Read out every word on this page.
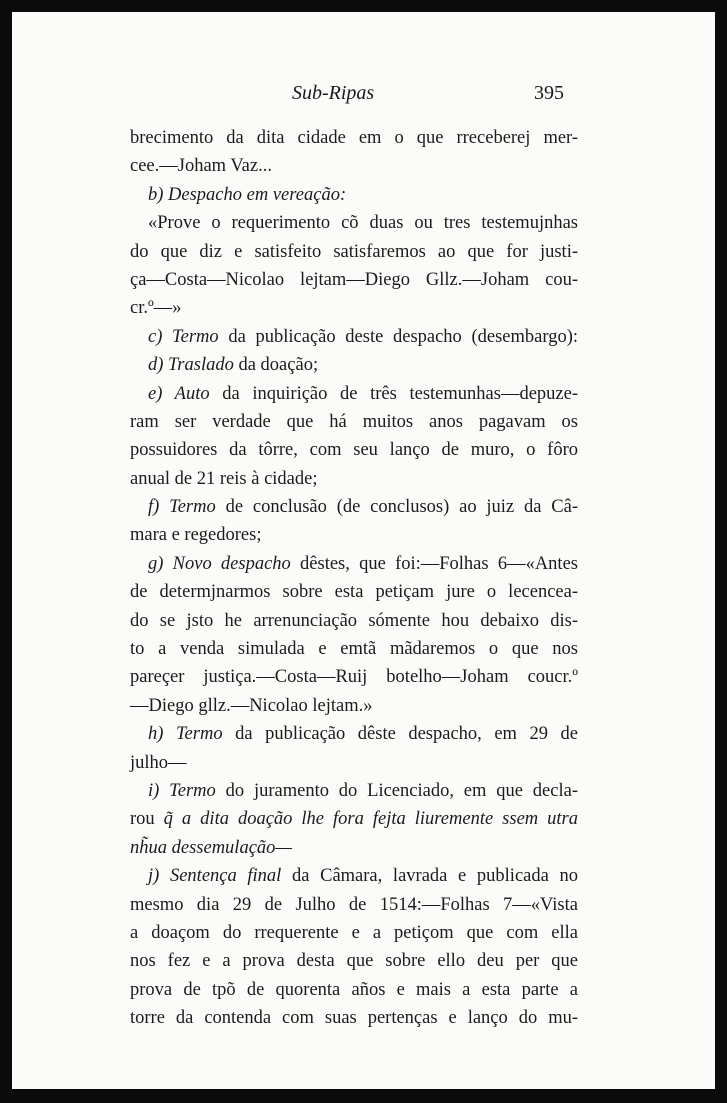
Sub-Ripas	395
brecimento da dita cidade em o que rreceberej mer-
cee.—Joham Vaz...
b) Despacho em vereação:
«Prove o requerimento cõ duas ou tres testemujnhas
do que diz e satisfeito satisfaremos ao que for justi-
ça—Costa—Nicolao lejtam—Diego Gllz.—Joham cou-
cr.º—»
c) Termo da publicação deste despacho (desembargo):
d) Traslado da doação;
e) Auto da inquirição de três testemunhas—depuze-
ram ser verdade que há muitos anos pagavam os
possuidores da tôrre, com seu lanço de muro, o fôro
anual de 21 reis à cidade;
f) Termo de conclusão (de conclusos) ao juiz da Câ-
mara e regedores;
g) Novo despacho dêstes, que foi:—Folhas 6—«Antes
de determjnarmos sobre esta petiçam jure o lecencea-
do se jsto he arrenunciação sómente hou debaixo dis-
to a venda simulada e emtã mãdaremos o que nos
pareçer justiça.—Costa—Ruij botelho—Joham coucr.º
—Diego gllz.—Nicolao lejtam.»
h) Termo da publicação dêste despacho, em 29 de
julho—
i) Termo do juramento do Licenciado, em que decla-
rou q̃ a dita doação lhe fora fejta liuremente ssem utra
nh̃ua dessemulação—
j) Sentença final da Câmara, lavrada e publicada no
mesmo dia 29 de Julho de 1514:—Folhas 7—«Vista
a doaçom do rrequerente e a petiçom que com ella
nos fez e a prova desta que sobre ello deu per que
prova de tpõ de quorenta años e mais a esta parte a
torre da contenda com suas pertenças e lanço do mu-
